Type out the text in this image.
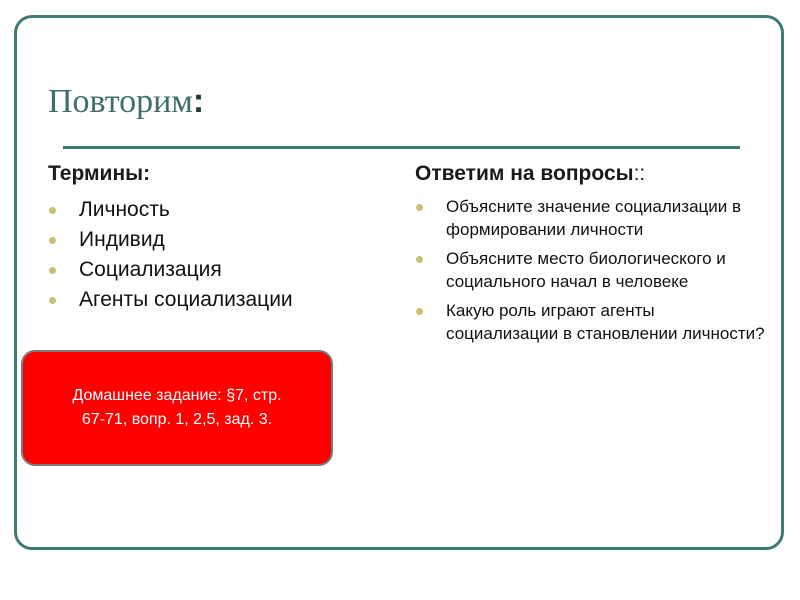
Повторим:

Термины:

Личность
Индивид
Социализация
Агенты социализации

Ответим на вопросы::

Объясните значение социализации в формировании личности
Объясните место биологического и социального начал в человеке
Какую роль играют агенты социализации в становлении личности?
Домашнее задание: §7, стр.
67-71, вопр. 1, 2,5, зад. 3.
